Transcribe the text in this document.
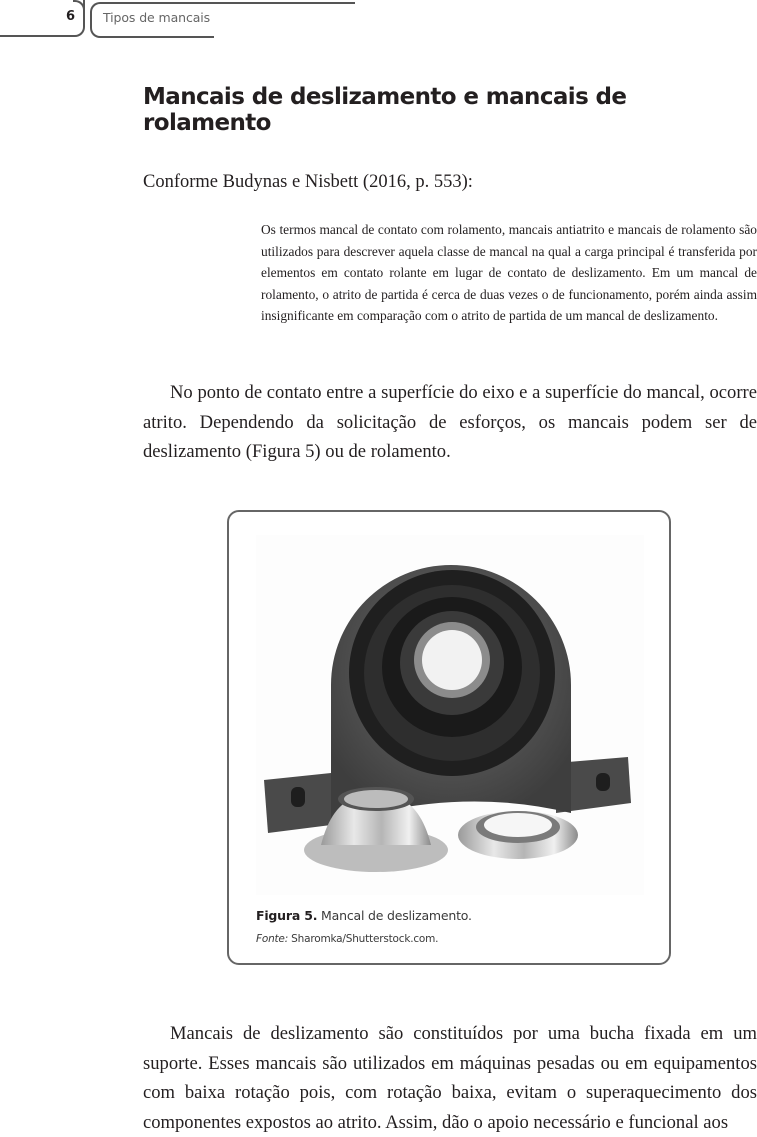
6 Tipos de mancais
Mancais de deslizamento e mancais de rolamento

Conforme Budynas e Nisbett (2016, p. 553):

Os termos mancal de contato com rolamento, mancais antiatrito e mancais de rolamento são utilizados para descrever aquela classe de mancal na qual a carga principal é transferida por elementos em contato rolante em lugar de contato de deslizamento. Em um mancal de rolamento, o atrito de partida é cerca de duas vezes o de funcionamento, porém ainda assim insignificante em comparação com o atrito de partida de um mancal de deslizamento.

No ponto de contato entre a superfície do eixo e a superfície do mancal, ocorre atrito. Dependendo da solicitação de esforços, os mancais podem ser de deslizamento (Figura 5) ou de rolamento.

Figura 5. Mancal de deslizamento.
Fonte: Sharomka/Shutterstock.com.

Mancais de deslizamento são constituídos por uma bucha fixada em um suporte. Esses mancais são utilizados em máquinas pesadas ou em equipamentos com baixa rotação pois, com rotação baixa, evitam o superaquecimento dos componentes expostos ao atrito. Assim, dão o apoio necessário e funcional aos
